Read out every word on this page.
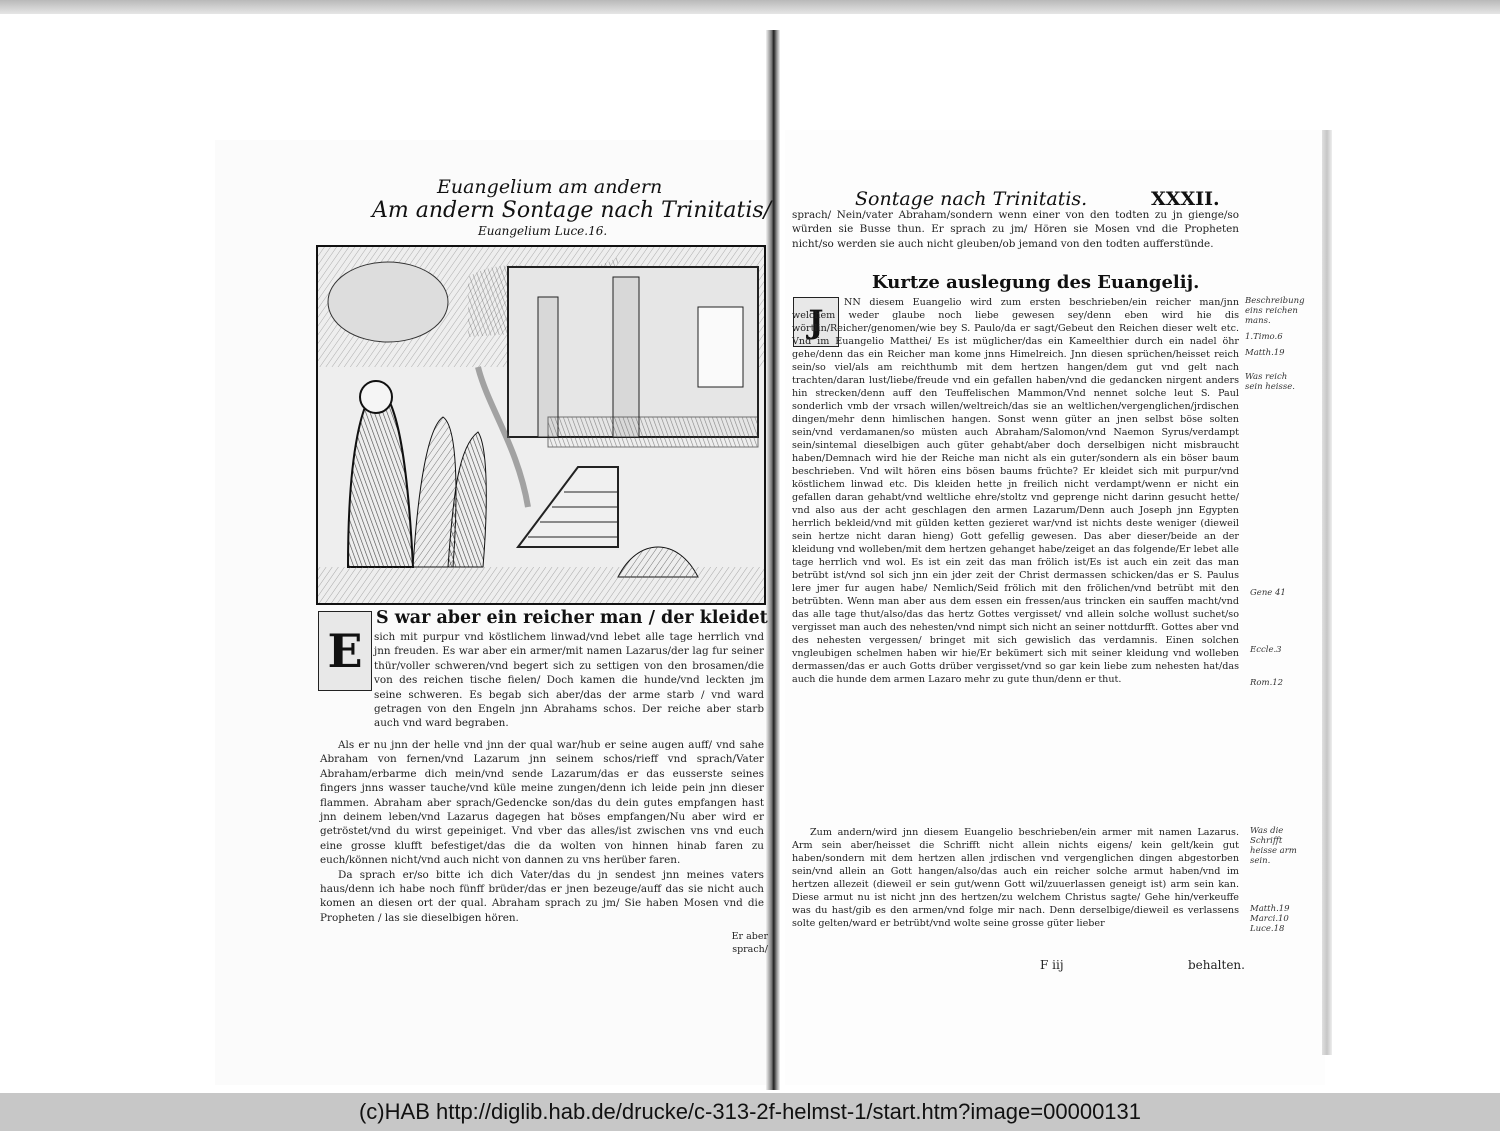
Euangelium am andern
Am andern Sontage nach Trinitatis/
Euangelium Luce.16.
E
S war aber ein reicher man / der kleidet

sich mit purpur vnd köstlichem linwad/vnd lebet alle tage herrlich vnd jnn freuden. Es war aber ein armer/mit namen Lazarus/der lag fur seiner thür/voller schweren/vnd begert sich zu settigen von den brosamen/die von des reichen tische fielen/ Doch kamen die hunde/vnd leckten jm seine schweren. Es begab sich aber/das der arme starb / vnd ward getragen von den Engeln jnn Abrahams schos. Der reiche aber starb auch vnd ward begraben.

Als er nu jnn der helle vnd jnn der qual war/hub er seine augen auff/ vnd sahe Abraham von fernen/vnd Lazarum jnn seinem schos/rieff vnd sprach/Vater Abraham/erbarme dich mein/vnd sende Lazarum/das er das eusserste seines fingers jnns wasser tauche/vnd küle meine zungen/denn ich leide pein jnn dieser flammen. Abraham aber sprach/Gedencke son/das du dein gutes empfangen hast jnn deinem leben/vnd Lazarus dagegen hat böses empfangen/Nu aber wird er getröstet/vnd du wirst gepeiniget. Vnd vber das alles/ist zwischen vns vnd euch eine grosse klufft befestiget/das die da wolten von hinnen hinab faren zu euch/können nicht/vnd auch nicht von dannen zu vns herüber faren.

Da sprach er/so bitte ich dich Vater/das du jn sendest jnn meines vaters haus/denn ich habe noch fünff brüder/das er jnen bezeuge/auff das sie nicht auch komen an diesen ort der qual. Abraham sprach zu jm/ Sie haben Mosen vnd die Propheten / las sie dieselbigen hören.

Er aber sprach/
Sontage nach Trinitatis.	XXXII.

sprach/ Nein/vater Abraham/sondern wenn einer von den todten zu jn gienge/so würden sie Busse thun. Er sprach zu jm/ Hören sie Mosen vnd die Propheten nicht/so werden sie auch nicht gleuben/ob jemand von den todten aufferstünde.

Kurtze auslegung des Euangelij.
J

NN diesem Euangelio wird zum ersten beschrieben/ein reicher man/jnn welchem weder glaube noch liebe gewesen sey/denn eben wird hie dis wörtlin/Reicher/genomen/wie bey S. Paulo/da er sagt/Gebeut den Reichen dieser welt etc. Vnd im Euangelio Matthei/ Es ist müglicher/das ein Kameelthier durch ein nadel öhr gehe/denn das ein Reicher man kome jnns Himelreich. Jnn diesen sprüchen/heisset reich sein/so viel/als am reichthumb mit dem hertzen hangen/dem gut vnd gelt nach trachten/daran lust/liebe/freude vnd ein gefallen haben/vnd die gedancken nirgent anders hin strecken/denn auff den Teuffelischen Mammon/Vnd nennet solche leut S. Paul sonderlich vmb der vrsach willen/weltreich/das sie an weltlichen/vergenglichen/jrdischen dingen/mehr denn himlischen hangen. Sonst wenn güter an jnen selbst böse solten sein/vnd verdamanen/so müsten auch Abraham/Salomon/vnd Naemon Syrus/verdampt sein/sintemal dieselbigen auch güter gehabt/aber doch derselbigen nicht misbraucht haben/Demnach wird hie der Reiche man nicht als ein guter/sondern als ein böser baum beschrieben. Vnd wilt hören eins bösen baums früchte? Er kleidet sich mit purpur/vnd köstlichem linwad etc. Dis kleiden hette jn freilich nicht verdampt/wenn er nicht ein gefallen daran gehabt/vnd weltliche ehre/stoltz vnd geprenge nicht darinn gesucht hette/ vnd also aus der acht geschlagen den armen Lazarum/Denn auch Joseph jnn Egypten herrlich bekleid/vnd mit gülden ketten gezieret war/vnd ist nichts deste weniger (dieweil sein hertze nicht daran hieng) Gott gefellig gewesen. Das aber dieser/beide an der kleidung vnd wolleben/mit dem hertzen gehanget habe/zeiget an das folgende/Er lebet alle tage herrlich vnd wol. Es ist ein zeit das man frölich ist/Es ist auch ein zeit das man betrübt ist/vnd sol sich jnn ein jder zeit der Christ dermassen schicken/das er S. Paulus lere jmer fur augen habe/ Nemlich/Seid frölich mit den frölichen/vnd betrübt mit den betrübten. Wenn man aber aus dem essen ein fressen/aus trincken ein sauffen macht/vnd das alle tage thut/also/das das hertz Gottes vergisset/ vnd allein solche wollust suchet/so vergisset man auch des nehesten/vnd nimpt sich nicht an seiner nottdurfft. Gottes aber vnd des nehesten vergessen/ bringet mit sich gewislich das verdamnis. Einen solchen vngleubigen schelmen haben wir hie/Er bekümert sich mit seiner kleidung vnd wolleben dermassen/das er auch Gotts drüber vergisset/vnd so gar kein liebe zum nehesten hat/das auch die hunde dem armen Lazaro mehr zu gute thun/denn er thut.

Zum andern/wird jnn diesem Euangelio beschrieben/ein armer mit namen Lazarus. Arm sein aber/heisset die Schrifft nicht allein nichts eigens/ kein gelt/kein gut haben/sondern mit dem hertzen allen jrdischen vnd vergenglichen dingen abgestorben sein/vnd allein an Gott hangen/also/das auch ein reicher solche armut haben/vnd im hertzen allezeit (dieweil er sein gut/wenn Gott wil/zuuerlassen geneigt ist) arm sein kan. Diese armut nu ist nicht jnn des hertzen/zu welchem Christus sagte/ Gehe hin/verkeuffe was du hast/gib es den armen/vnd folge mir nach. Denn derselbige/dieweil es verlassens solte gelten/ward er betrübt/vnd wolte seine grosse güter lieber

F iij	behalten.
Beschreibung eins reichen mans.
1.Timo.6
Matth.19
Was reich sein heisse.
Gene 41
Eccle.3
Rom.12
Was die Schrifft heisse arm sein.
Matth.19 Marci.10 Luce.18
(c)HAB http://diglib.hab.de/drucke/c-313-2f-helmst-1/start.htm?image=00000131
